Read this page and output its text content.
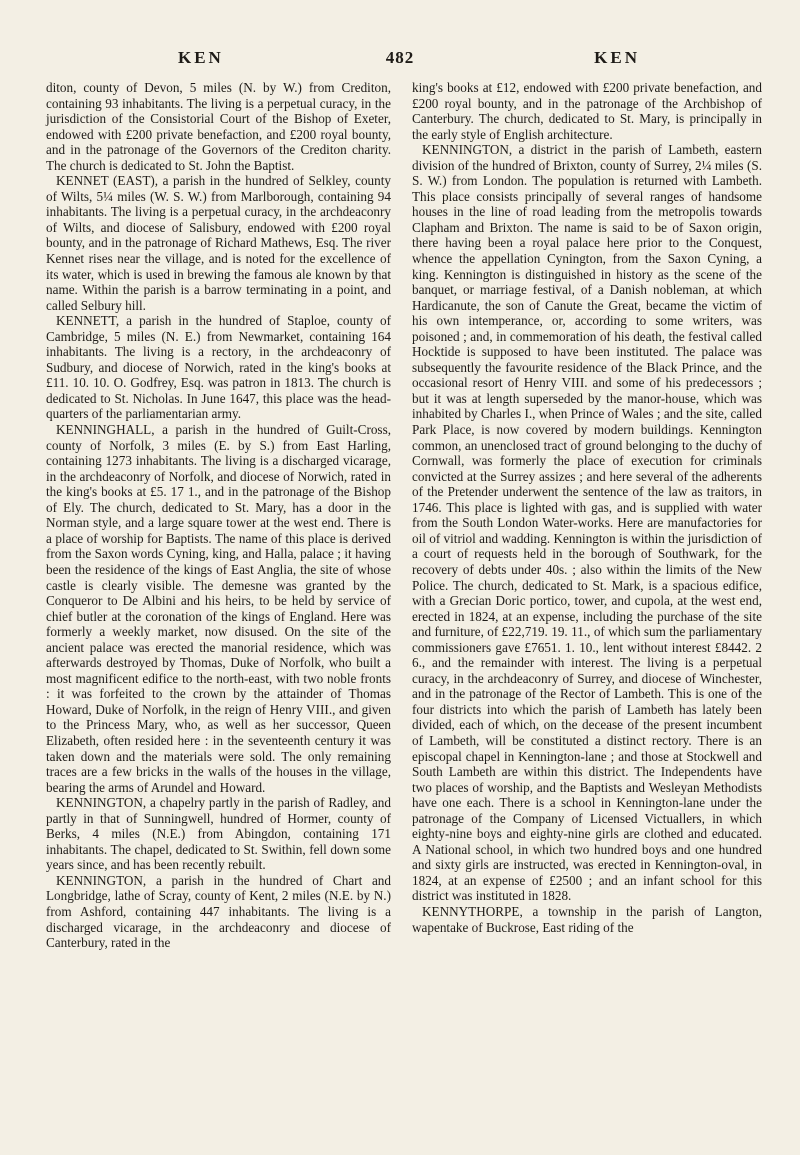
KEN	482	KEN

diton, county of Devon, 5 miles (N. by W.) from Crediton, containing 93 inhabitants. The living is a perpetual curacy, in the jurisdiction of the Consistorial Court of the Bishop of Exeter, endowed with £200 private benefaction, and £200 royal bounty, and in the patronage of the Governors of the Crediton charity. The church is dedicated to St. John the Baptist.

KENNET (EAST), a parish in the hundred of Selkley, county of Wilts, 5¼ miles (W. S. W.) from Marlborough, containing 94 inhabitants. The living is a perpetual curacy, in the archdeaconry of Wilts, and diocese of Salisbury, endowed with £200 royal bounty, and in the patronage of Richard Mathews, Esq. The river Kennet rises near the village, and is noted for the excellence of its water, which is used in brewing the famous ale known by that name. Within the parish is a barrow terminating in a point, and called Selbury hill.

KENNETT, a parish in the hundred of Staploe, county of Cambridge, 5 miles (N. E.) from Newmarket, containing 164 inhabitants. The living is a rectory, in the archdeaconry of Sudbury, and diocese of Norwich, rated in the king's books at £11. 10. 10. O. Godfrey, Esq. was patron in 1813. The church is dedicated to St. Nicholas. In June 1647, this place was the head-quarters of the parliamentarian army.

KENNINGHALL, a parish in the hundred of Guilt-Cross, county of Norfolk, 3 miles (E. by S.) from East Harling, containing 1273 inhabitants. The living is a discharged vicarage, in the archdeaconry of Norfolk, and diocese of Norwich, rated in the king's books at £5. 17 1., and in the patronage of the Bishop of Ely. The church, dedicated to St. Mary, has a door in the Norman style, and a large square tower at the west end. There is a place of worship for Baptists. The name of this place is derived from the Saxon words Cyning, king, and Halla, palace ; it having been the residence of the kings of East Anglia, the site of whose castle is clearly visible. The demesne was granted by the Conqueror to De Albini and his heirs, to be held by service of chief butler at the coronation of the kings of England. Here was formerly a weekly market, now disused. On the site of the ancient palace was erected the manorial residence, which was afterwards destroyed by Thomas, Duke of Norfolk, who built a most magnificent edifice to the north-east, with two noble fronts : it was forfeited to the crown by the attainder of Thomas Howard, Duke of Norfolk, in the reign of Henry VIII., and given to the Princess Mary, who, as well as her successor, Queen Elizabeth, often resided here : in the seventeenth century it was taken down and the materials were sold. The only remaining traces are a few bricks in the walls of the houses in the village, bearing the arms of Arundel and Howard.

KENNINGTON, a chapelry partly in the parish of Radley, and partly in that of Sunningwell, hundred of Hormer, county of Berks, 4 miles (N.E.) from Abingdon, containing 171 inhabitants. The chapel, dedicated to St. Swithin, fell down some years since, and has been recently rebuilt.

KENNINGTON, a parish in the hundred of Chart and Longbridge, lathe of Scray, county of Kent, 2 miles (N.E. by N.) from Ashford, containing 447 inhabitants. The living is a discharged vicarage, in the archdeaconry and diocese of Canterbury, rated in the

king's books at £12, endowed with £200 private benefaction, and £200 royal bounty, and in the patronage of the Archbishop of Canterbury. The church, dedicated to St. Mary, is principally in the early style of English architecture.

KENNINGTON, a district in the parish of Lambeth, eastern division of the hundred of Brixton, county of Surrey, 2¼ miles (S. S. W.) from London. The population is returned with Lambeth. This place consists principally of several ranges of handsome houses in the line of road leading from the metropolis towards Clapham and Brixton. The name is said to be of Saxon origin, there having been a royal palace here prior to the Conquest, whence the appellation Cynington, from the Saxon Cyning, a king. Kennington is distinguished in history as the scene of the banquet, or marriage festival, of a Danish nobleman, at which Hardicanute, the son of Canute the Great, became the victim of his own intemperance, or, according to some writers, was poisoned ; and, in commemoration of his death, the festival called Hocktide is supposed to have been instituted. The palace was subsequently the favourite residence of the Black Prince, and the occasional resort of Henry VIII. and some of his predecessors ; but it was at length superseded by the manor-house, which was inhabited by Charles I., when Prince of Wales ; and the site, called Park Place, is now covered by modern buildings. Kennington common, an unenclosed tract of ground belonging to the duchy of Cornwall, was formerly the place of execution for criminals convicted at the Surrey assizes ; and here several of the adherents of the Pretender underwent the sentence of the law as traitors, in 1746. This place is lighted with gas, and is supplied with water from the South London Water-works. Here are manufactories for oil of vitriol and wadding. Kennington is within the jurisdiction of a court of requests held in the borough of Southwark, for the recovery of debts under 40s. ; also within the limits of the New Police. The church, dedicated to St. Mark, is a spacious edifice, with a Grecian Doric portico, tower, and cupola, at the west end, erected in 1824, at an expense, including the purchase of the site and furniture, of £22,719. 19. 11., of which sum the parliamentary commissioners gave £7651. 1. 10., lent without interest £8442. 2 6., and the remainder with interest. The living is a perpetual curacy, in the archdeaconry of Surrey, and diocese of Winchester, and in the patronage of the Rector of Lambeth. This is one of the four districts into which the parish of Lambeth has lately been divided, each of which, on the decease of the present incumbent of Lambeth, will be constituted a distinct rectory. There is an episcopal chapel in Kennington-lane ; and those at Stockwell and South Lambeth are within this district. The Independents have two places of worship, and the Baptists and Wesleyan Methodists have one each. There is a school in Kennington-lane under the patronage of the Company of Licensed Victuallers, in which eighty-nine boys and eighty-nine girls are clothed and educated. A National school, in which two hundred boys and one hundred and sixty girls are instructed, was erected in Kennington-oval, in 1824, at an expense of £2500 ; and an infant school for this district was instituted in 1828.

KENNYTHORPE, a township in the parish of Langton, wapentake of Buckrose, East riding of the
